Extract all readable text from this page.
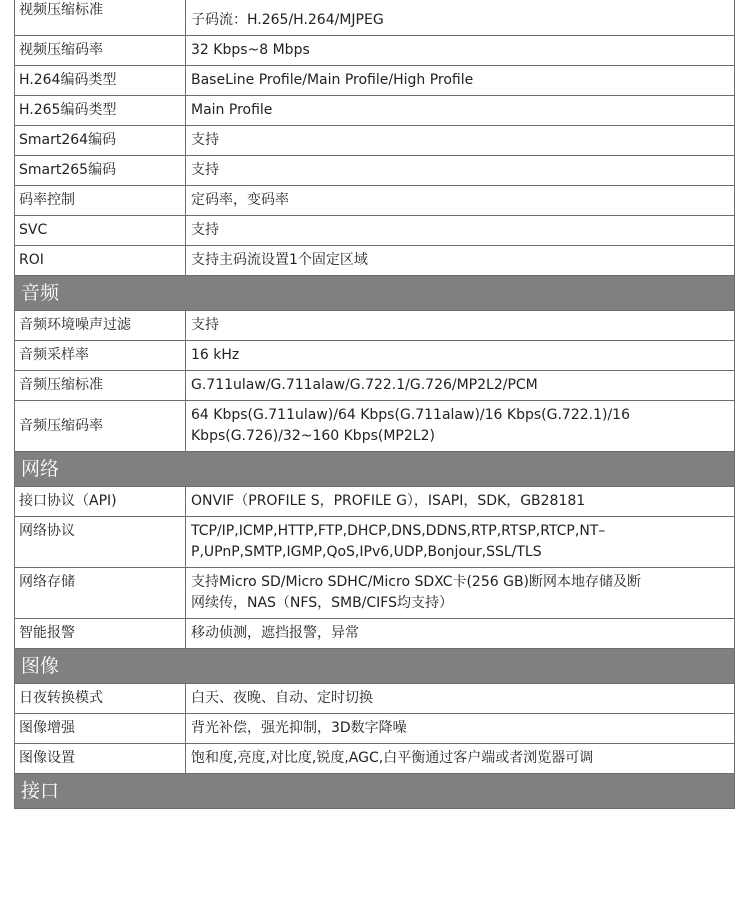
视频压缩标准	子码流：H.265/H.264/MJPEG

视频压缩码率	32 Kbps~8 Mbps

H.264编码类型	BaseLine Profile/Main Profile/High Profile

H.265编码类型	Main Profile

Smart264编码	支持

Smart265编码	支持

码率控制	定码率，变码率

SVC	支持

ROI	支持主码流设置1个固定区域

音频	
音频环境噪声过滤	支持

音频采样率	16 kHz

音频压缩标准	G.711ulaw/G.711alaw/G.722.1/G.726/MP2L2/PCM

音频压缩码率	64 Kbps(G.711ulaw)/64 Kbps(G.711alaw)/16 Kbps(G.722.1)/16
Kbps(G.726)/32~160 Kbps(MP2L2)

网络	
接口协议（API)	ONVIF（PROFILE S，PROFILE G），ISAPI，SDK，GB28181

网络协议	TCP/IP,ICMP,HTTP,FTP,DHCP,DNS,DDNS,RTP,RTSP,RTCP,NT–
P,UPnP,SMTP,IGMP,QoS,IPv6,UDP,Bonjour,SSL/TLS

网络存储	支持Micro SD/Micro SDHC/Micro SDXC卡(256 GB)断网本地存储及断
网续传，NAS（NFS，SMB/CIFS均支持）

智能报警	移动侦测，遮挡报警，异常

图像	
日夜转换模式	白天、夜晚、自动、定时切换

图像增强	背光补偿，强光抑制，3D数字降噪

图像设置	饱和度,亮度,对比度,锐度,AGC,白平衡通过客户端或者浏览器可调

接口	
